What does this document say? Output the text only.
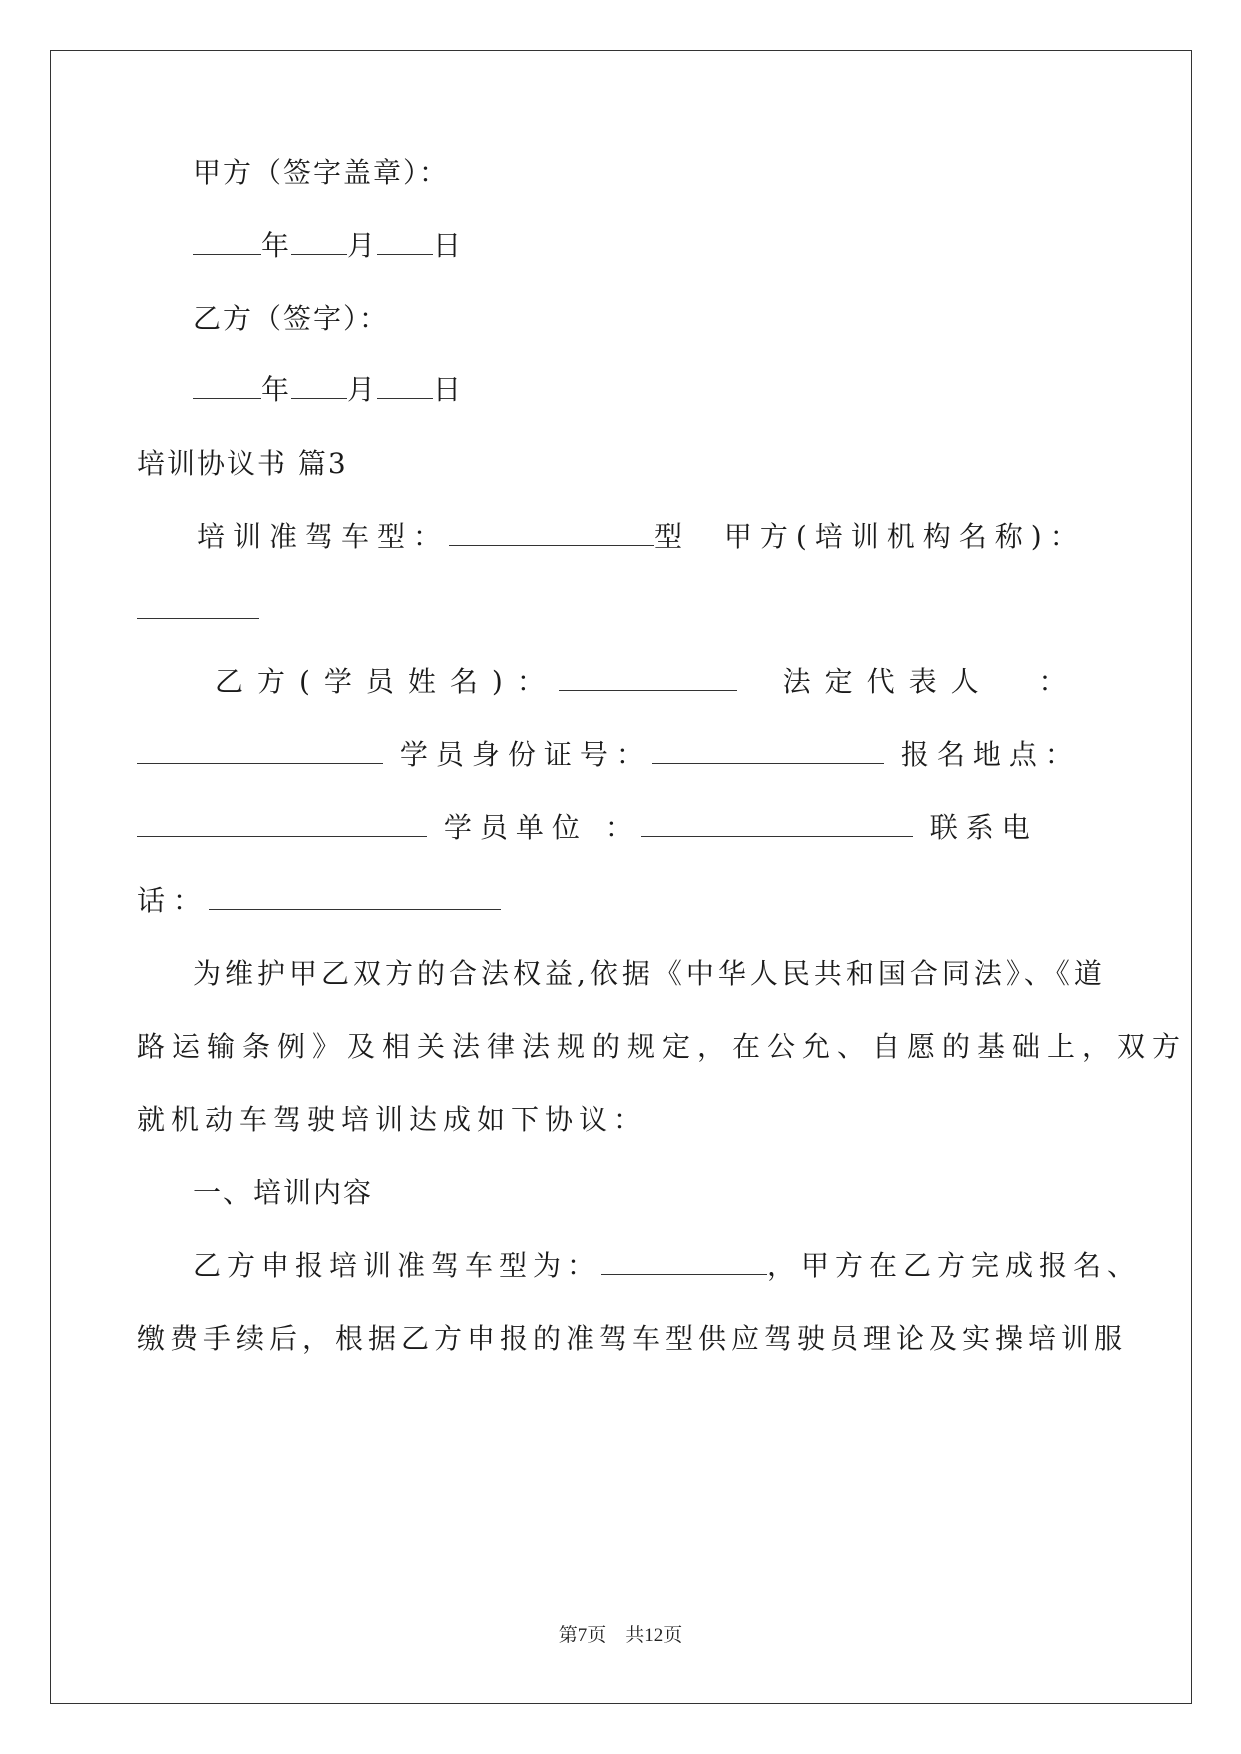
甲方（签字盖章）：
年 月 日
乙方（签字）：
年 月 日
培训协议书 篇3
培训准驾车型：	型 甲方(培训机构名称)：
乙方(学员姓名)：	法定代表人 ：
学员身份证号：	报名地点：
学员单位 ：	联系电
话：
为维护甲乙双方的合法权益,依据《中华人民共和国合同法》、《道
路运输条例》及相关法律法规的规定，在公允、自愿的基础上，双方
就机动车驾驶培训达成如下协议：
一、培训内容
乙方申报培训准驾车型为：	，甲方在乙方完成报名、
缴费手续后，根据乙方申报的准驾车型供应驾驶员理论及实操培训服
第7页 共12页
